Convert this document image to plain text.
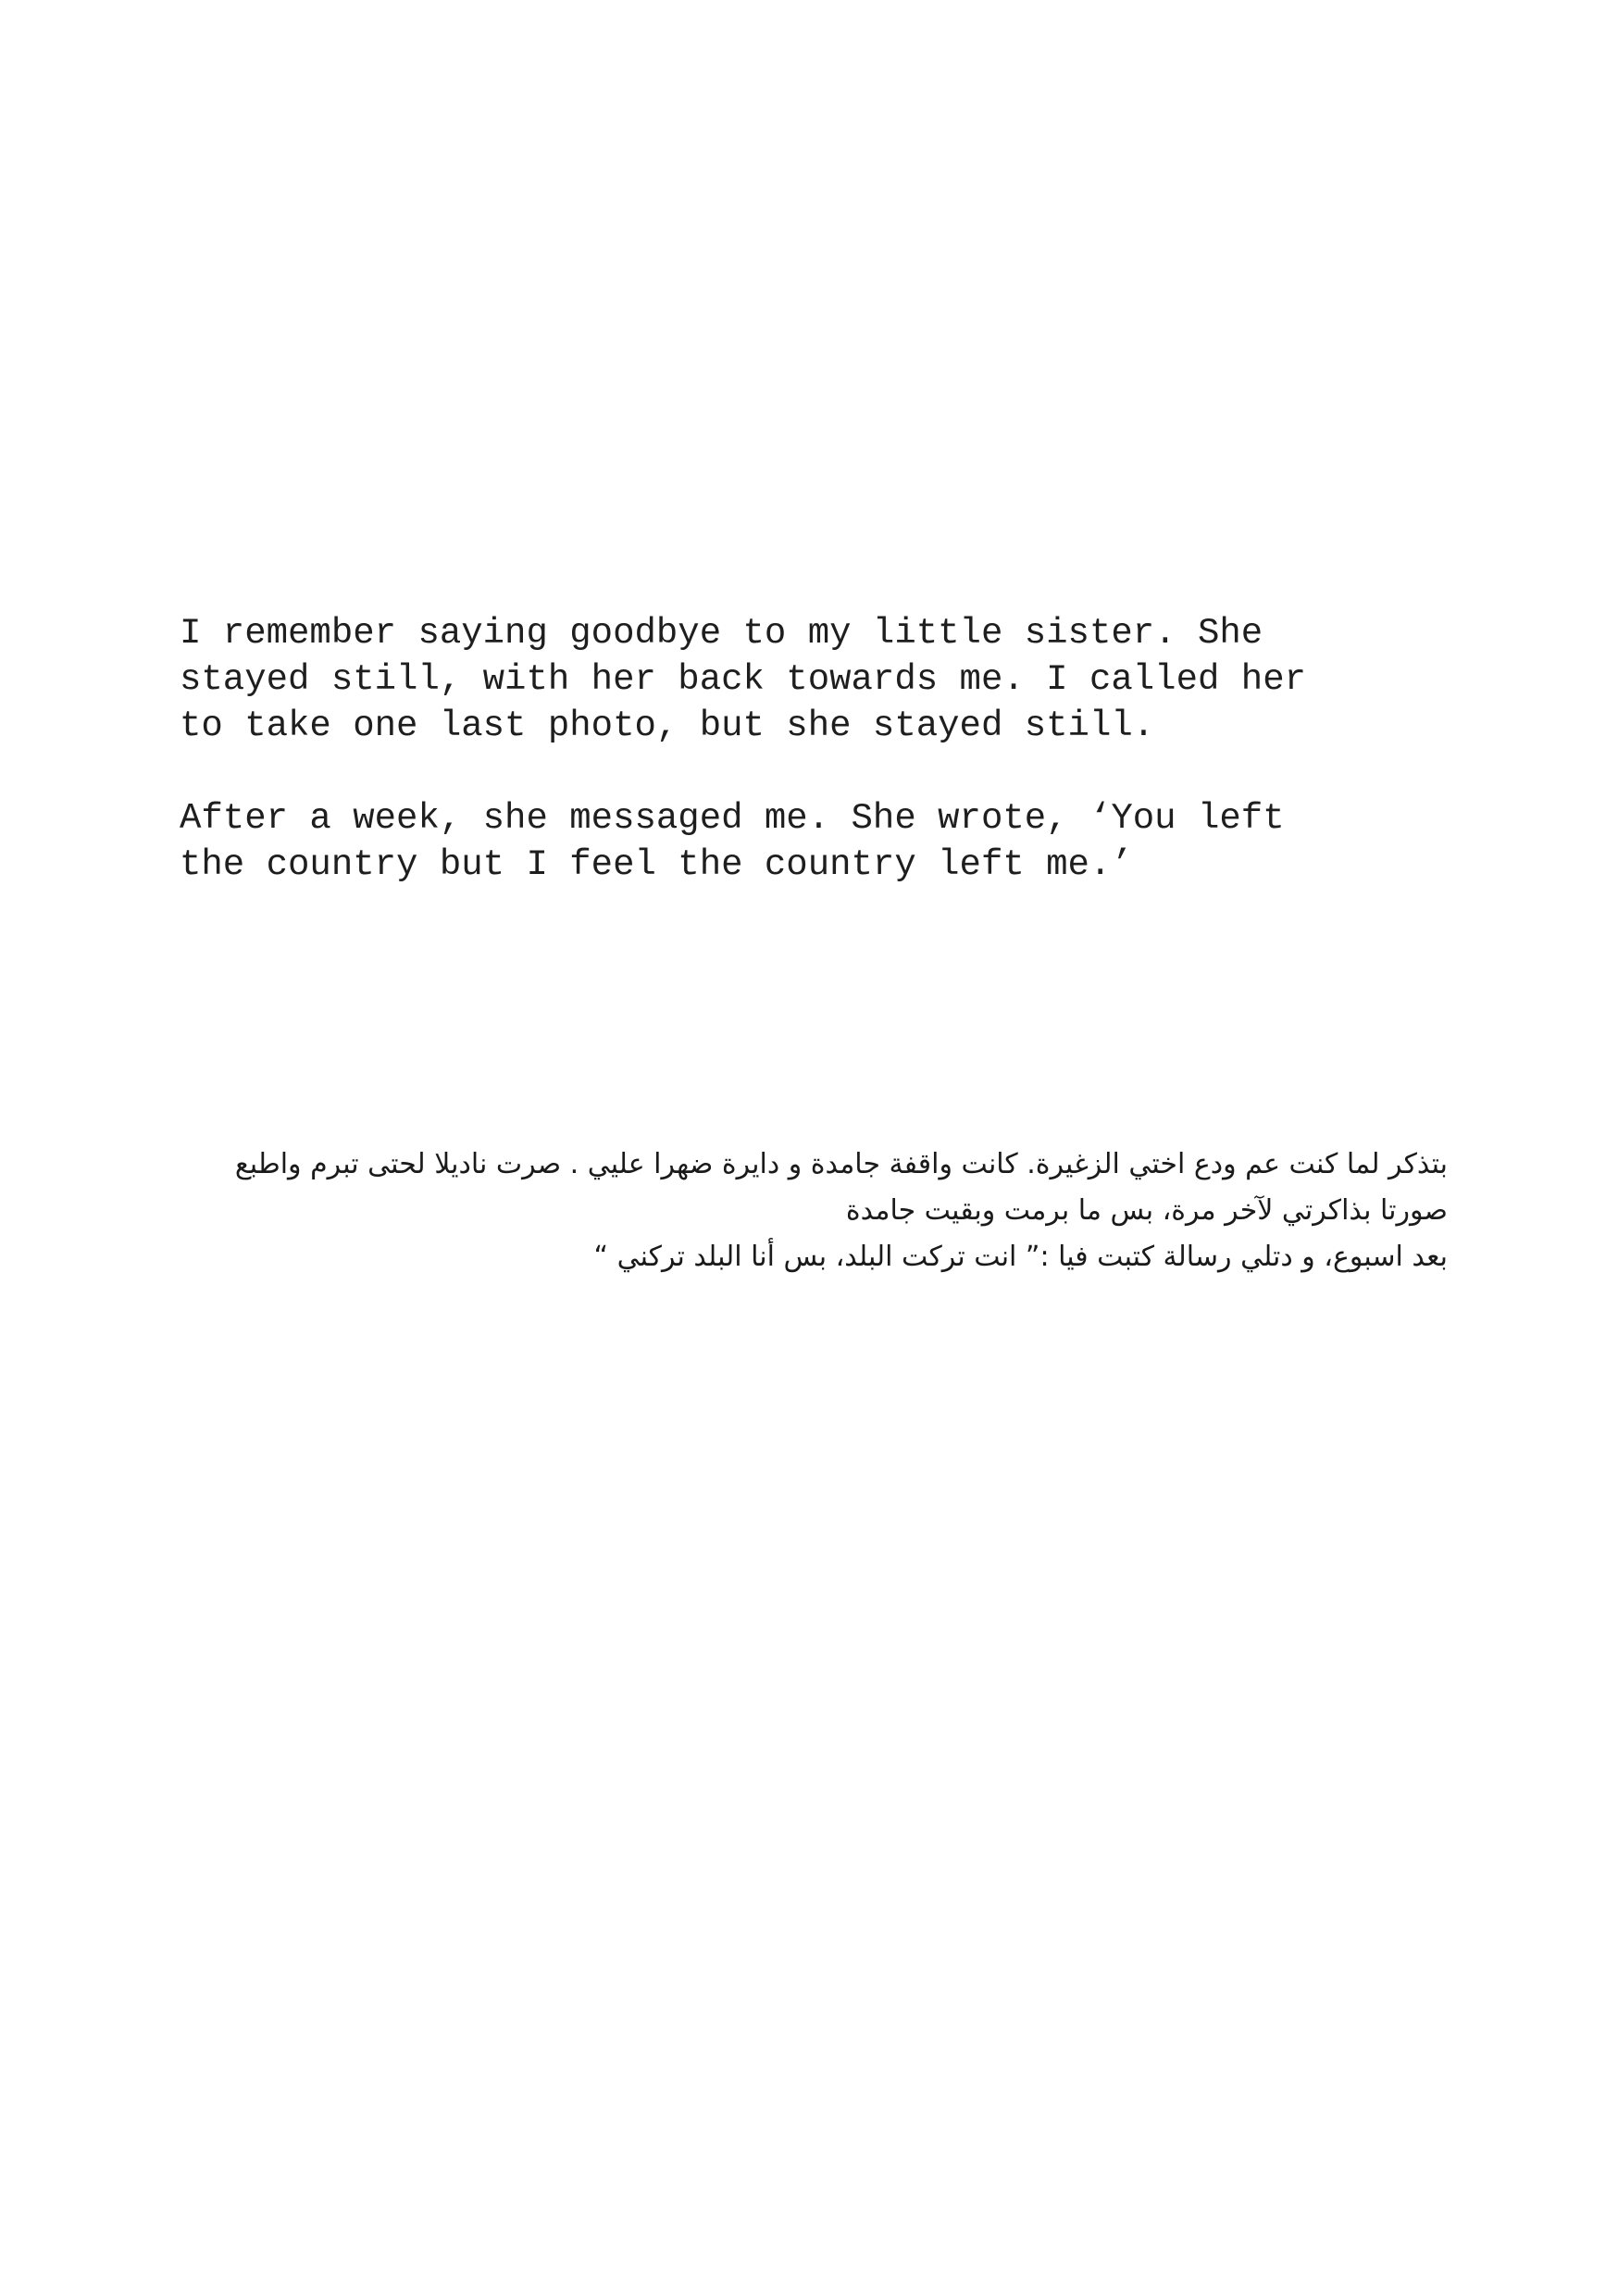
I remember saying goodbye to my little sister. She
stayed still, with her back towards me. I called her
to take one last photo, but she stayed still.

After a week, she messaged me. She wrote, ‘You left
the country but I feel the country left me.’

بتذكر لما كنت عم ودع اختي الزغيرة. كانت واقفة جامدة و دايرة ضهرا عليي . صرت ناديلا لحتى تبرم واطبع

صورتا بذاكرتي لآخر مرة، بس ما برمت وبقيت جامدة

بعد اسبوع، و دتلي رسالة كتبت فيا :” انت تركت البلد، بس أنا البلد تركني “
